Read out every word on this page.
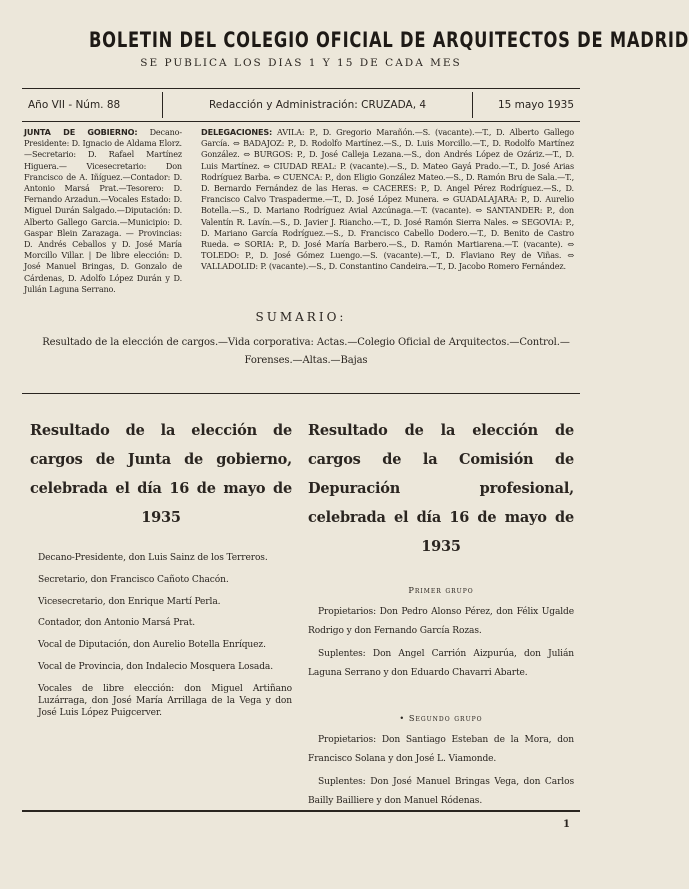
BOLETIN DEL COLEGIO OFICIAL DE ARQUITECTOS DE MADRID
SE PUBLICA LOS DIAS 1 Y 15 DE CADA MES
Año VII - Núm. 88	Redacción y Administración: CRUZADA, 4	15 mayo 1935
JUNTA DE GOBIERNO: Decano-Presidente: D. Ignacio de Aldama Elorz.—Secretario: D. Rafael Martínez Higuera.— Vicesecretario: Don Francisco de A. Iñíguez.—Contador: D. Antonio Marsá Prat.—Tesorero: D. Fernando Arzadun.—Vocales Estado: D. Miguel Durán Salgado.—Diputación: D. Alberto Gallego Garcia.—Municipio: D. Gaspar Blein Zarazaga. — Provincias: D. Andrés Ceballos y D. José María Morcillo Villar. | De libre elección: D. José Manuel Bringas, D. Gonzalo de Cárdenas, D. Adolfo López Durán y D. Julián Laguna Serrano.
DELEGACIONES: AVILA: P., D. Gregorio Marañón.—S. (vacante).—T., D. Alberto Gallego García. ⇔ BADAJOZ: P., D. Rodolfo Martínez.—S., D. Luis Morcillo.—T., D. Rodolfo Martínez González. ⇔ BURGOS: P., D. José Calleja Lezana.—S., don Andrés López de Ozáriz.—T., D. Luis Martínez. ⇔ CIUDAD REAL: P. (vacante).—S., D. Mateo Gayá Prado.—T., D. José Arias Rodríguez Barba. ⇔ CUENCA: P., don Eligio González Mateo.—S., D. Ramón Bru de Sala.—T., D. Bernardo Fernández de las Heras. ⇔ CACERES: P., D. Angel Pérez Rodríguez.—S., D. Francisco Calvo Traspaderme.—T., D. José López Munera. ⇔ GUADALAJARA: P., D. Aurelio Botella.—S., D. Mariano Rodríguez Avial Azcúnaga.—T. (vacante). ⇔ SANTANDER: P., don Valentín R. Lavín.—S., D. Javier J. Riancho.—T., D. José Ramón Sierra Nales. ⇔ SEGOVIA: P., D. Mariano García Rodríguez.—S., D. Francisco Cabello Dodero.—T., D. Benito de Castro Rueda. ⇔ SORIA: P., D. José María Barbero.—S., D. Ramón Martiarena.—T. (vacante). ⇔ TOLEDO: P., D. José Gómez Luengo.—S. (vacante).—T., D. Flaviano Rey de Viñas. ⇔ VALLADOLID: P. (vacante).—S., D. Constantino Candeira.—T., D. Jacobo Romero Fernández.
SUMARIO:
Resultado de la elección de cargos.—Vida corporativa: Actas.—Colegio Oficial de Arquitectos.—Control.—Forenses.—Altas.—Bajas
Resultado de la elección de cargos de Junta de gobierno, celebrada el día 16 de mayo de 1935
Decano-Presidente, don Luis Sainz de los Terreros.
Secretario, don Francisco Cañoto Chacón.
Vicesecretario, don Enrique Martí Perla.
Contador, don Antonio Marsá Prat.
Vocal de Diputación, don Aurelio Botella Enríquez.
Vocal de Provincia, don Indalecio Mosquera Losada.
Vocales de libre elección: don Miguel Artiñano Luzárraga, don José María Arrillaga de la Vega y don José Luis López Puigcerver.
Resultado de la elección de cargos de la Comisión de Depuración profesional, celebrada el día 16 de mayo de 1935
Primer grupo
Propietarios: Don Pedro Alonso Pérez, don Félix Ugalde Rodrigo y don Fernando García Rozas.
Suplentes: Don Angel Carrión Aizpurúa, don Julián Laguna Serrano y don Eduardo Chavarri Abarte.
• Segundo grupo
Propietarios: Don Santiago Esteban de la Mora, don Francisco Solana y don José L. Viamonde.
Suplentes: Don José Manuel Bringas Vega, don Carlos Bailly Bailliere y don Manuel Ródenas.
1
